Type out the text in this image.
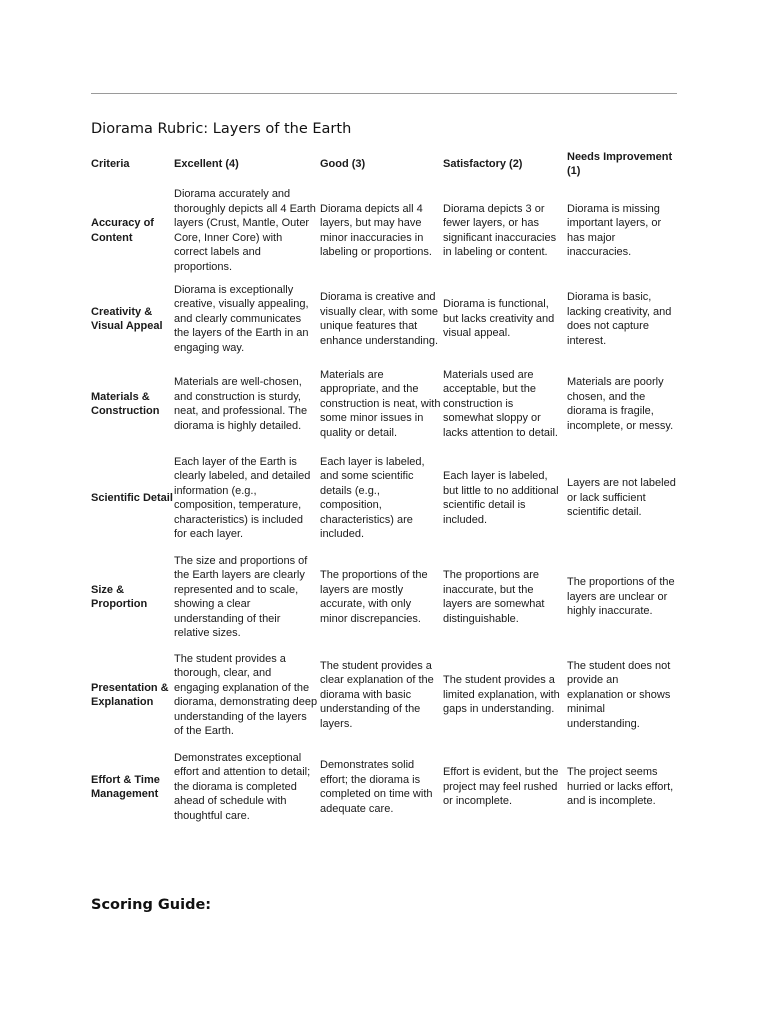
Diorama Rubric: Layers of the Earth
Criteria	Excellent (4)	Good (3)	Satisfactory (2)	Needs Improvement (1)
Accuracy of Content	Diorama accurately and thoroughly depicts all 4 Earth layers (Crust, Mantle, Outer Core, Inner Core) with correct labels and proportions.	Diorama depicts all 4 layers, but may have minor inaccuracies in labeling or proportions.	Diorama depicts 3 or fewer layers, or has significant inaccuracies in labeling or content.	Diorama is missing important layers, or has major inaccuracies.
Creativity & Visual Appeal	Diorama is exceptionally creative, visually appealing, and clearly communicates the layers of the Earth in an engaging way.	Diorama is creative and visually clear, with some unique features that enhance understanding.	Diorama is functional, but lacks creativity and visual appeal.	Diorama is basic, lacking creativity, and does not capture interest.
Materials & Construction	Materials are well-chosen, and construction is sturdy, neat, and professional. The diorama is highly detailed.	Materials are appropriate, and the construction is neat, with some minor issues in quality or detail.	Materials used are acceptable, but the construction is somewhat sloppy or lacks attention to detail.	Materials are poorly chosen, and the diorama is fragile, incomplete, or messy.
Scientific Detail	Each layer of the Earth is clearly labeled, and detailed information (e.g., composition, temperature, characteristics) is included for each layer.	Each layer is labeled, and some scientific details (e.g., composition, characteristics) are included.	Each layer is labeled, but little to no additional scientific detail is included.	Layers are not labeled or lack sufficient scientific detail.
Size & Proportion	The size and proportions of the Earth layers are clearly represented and to scale, showing a clear understanding of their relative sizes.	The proportions of the layers are mostly accurate, with only minor discrepancies.	The proportions are inaccurate, but the layers are somewhat distinguishable.	The proportions of the layers are unclear or highly inaccurate.
Presentation & Explanation	The student provides a thorough, clear, and engaging explanation of the diorama, demonstrating deep understanding of the layers of the Earth.	The student provides a clear explanation of the diorama with basic understanding of the layers.	The student provides a limited explanation, with gaps in understanding.	The student does not provide an explanation or shows minimal understanding.
Effort & Time Management	Demonstrates exceptional effort and attention to detail; the diorama is completed ahead of schedule with thoughtful care.	Demonstrates solid effort; the diorama is completed on time with adequate care.	Effort is evident, but the project may feel rushed or incomplete.	The project seems hurried or lacks effort, and is incomplete.
Scoring Guide:
